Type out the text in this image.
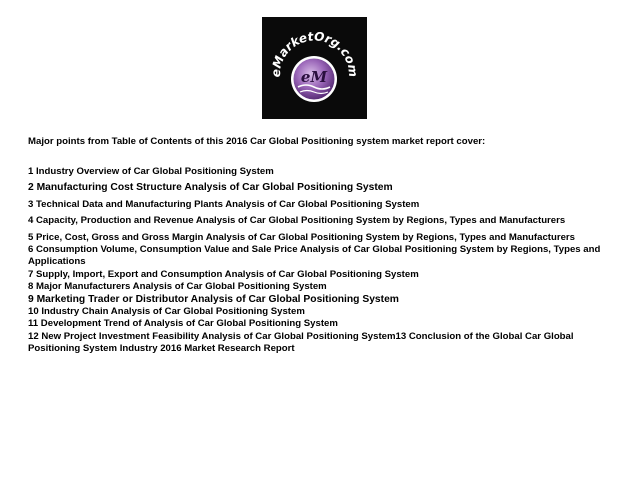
eMarketOrg.com
eM
Major points from Table of Contents of this 2016 Car Global Positioning system market report cover:
1 Industry Overview of Car Global Positioning System
2 Manufacturing Cost Structure Analysis of Car Global Positioning System
3 Technical Data and Manufacturing Plants Analysis of Car Global Positioning System
4 Capacity, Production and Revenue Analysis of Car Global Positioning System by Regions, Types and Manufacturers
5 Price, Cost, Gross and Gross Margin Analysis of Car Global Positioning System by Regions, Types and Manufacturers
6 Consumption Volume, Consumption Value and Sale Price Analysis of Car Global Positioning System by Regions, Types and Applications
7 Supply, Import, Export and Consumption Analysis of Car Global Positioning System
8 Major Manufacturers Analysis of Car Global Positioning System
9 Marketing Trader or Distributor Analysis of Car Global Positioning System
10 Industry Chain Analysis of Car Global Positioning System
11 Development Trend of Analysis of Car Global Positioning System
12 New Project Investment Feasibility Analysis of Car Global Positioning System13 Conclusion of the Global Car Global Positioning System Industry 2016 Market Research Report
